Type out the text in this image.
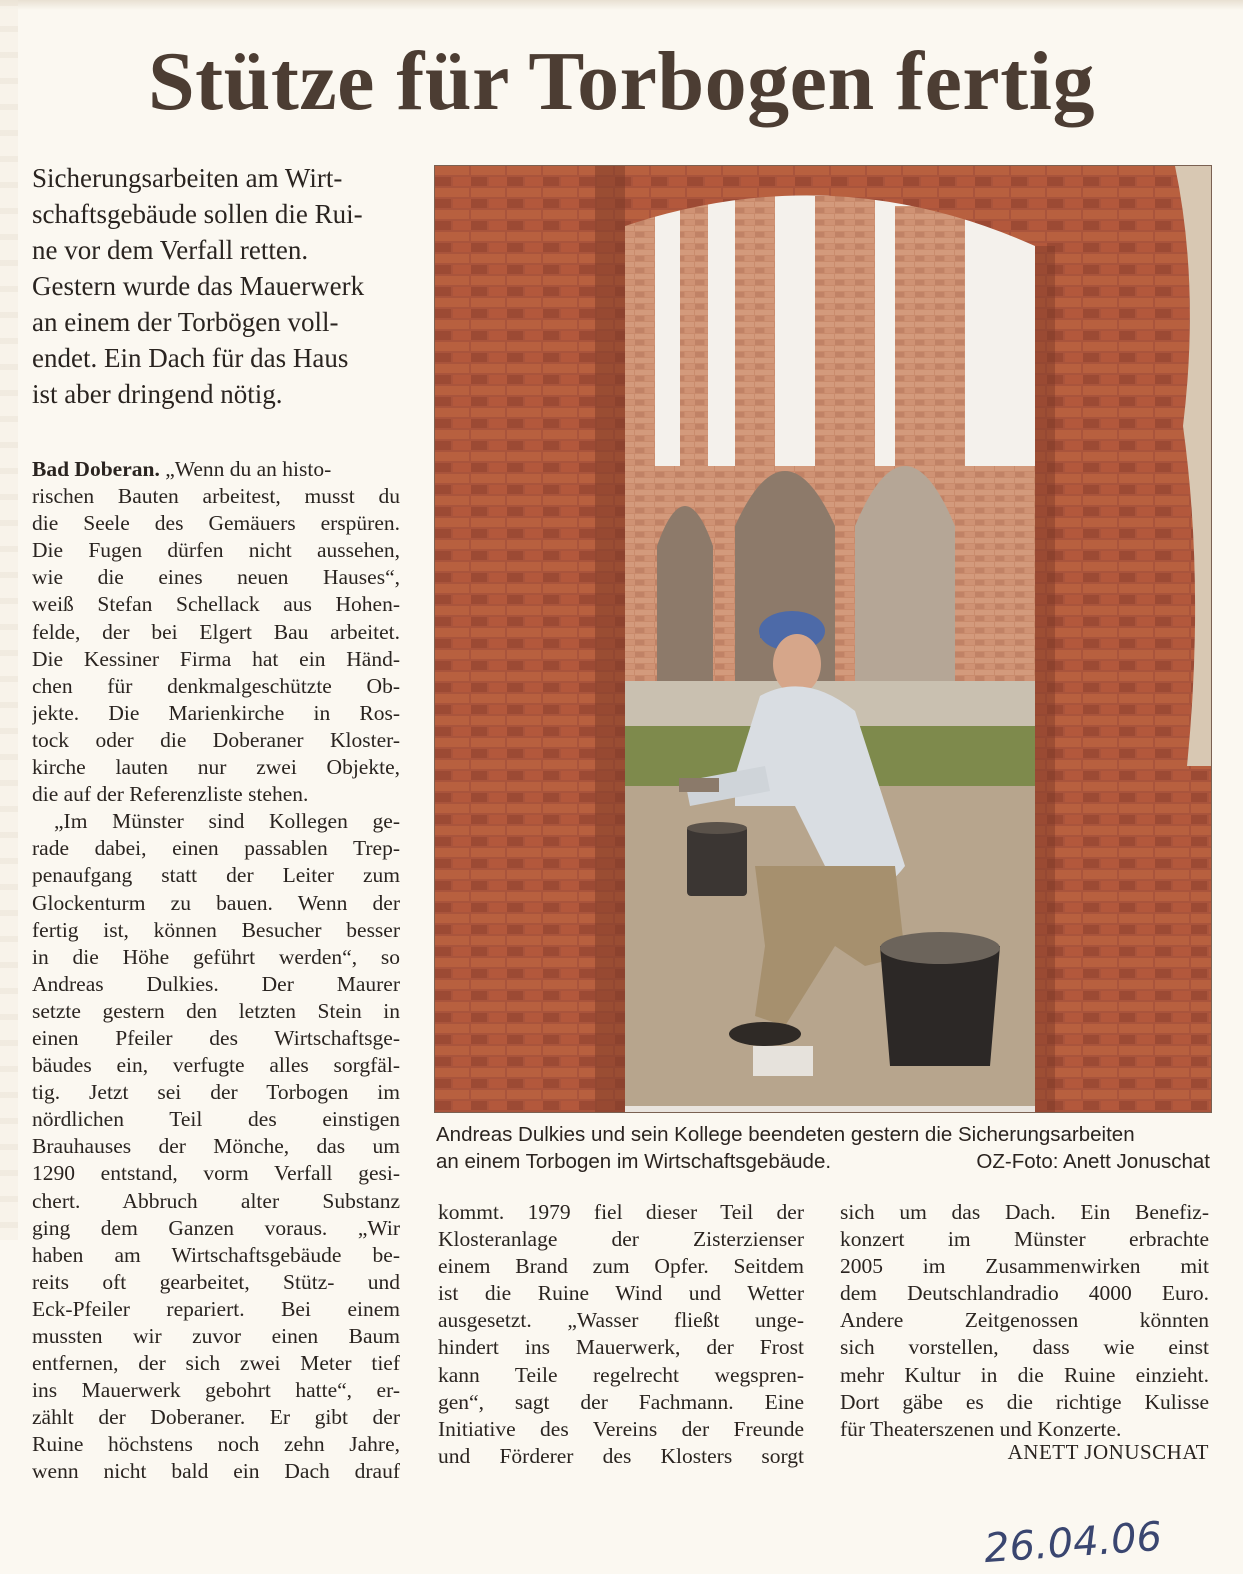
Stütze für Torbogen fertig
Sicherungsarbeiten am Wirt-
schaftsgebäude sollen die Rui-
ne vor dem Verfall retten.
Gestern wurde das Mauerwerk
an einem der Torbögen voll-
endet. Ein Dach für das Haus
ist aber dringend nötig.
Bad Doberan. „Wenn du an histo-
rischen Bauten arbeitest, musst du
die Seele des Gemäuers erspüren.
Die Fugen dürfen nicht aussehen,
wie die eines neuen Hauses“,
weiß Stefan Schellack aus Hohen-
felde, der bei Elgert Bau arbeitet.
Die Kessiner Firma hat ein Händ-
chen für denkmalgeschützte Ob-
jekte. Die Marienkirche in Ros-
tock oder die Doberaner Kloster-
kirche lauten nur zwei Objekte,
die auf der Referenzliste stehen.
„Im Münster sind Kollegen ge-
rade dabei, einen passablen Trep-
penaufgang statt der Leiter zum
Glockenturm zu bauen. Wenn der
fertig ist, können Besucher besser
in die Höhe geführt werden“, so
Andreas Dulkies. Der Maurer
setzte gestern den letzten Stein in
einen Pfeiler des Wirtschaftsge-
bäudes ein, verfugte alles sorgfäl-
tig. Jetzt sei der Torbogen im
nördlichen Teil des einstigen
Brauhauses der Mönche, das um
1290 entstand, vorm Verfall gesi-
chert. Abbruch alter Substanz
ging dem Ganzen voraus. „Wir
haben am Wirtschaftsgebäude be-
reits oft gearbeitet, Stütz- und
Eck-Pfeiler repariert. Bei einem
mussten wir zuvor einen Baum
entfernen, der sich zwei Meter tief
ins Mauerwerk gebohrt hatte“, er-
zählt der Doberaner. Er gibt der
Ruine höchstens noch zehn Jahre,
wenn nicht bald ein Dach drauf
kommt. 1979 fiel dieser Teil der
Klosteranlage der Zisterzienser
einem Brand zum Opfer. Seitdem
ist die Ruine Wind und Wetter
ausgesetzt. „Wasser fließt unge-
hindert ins Mauerwerk, der Frost
kann Teile regelrecht wegspren-
gen“, sagt der Fachmann. Eine
Initiative des Vereins der Freunde
und Förderer des Klosters sorgt
sich um das Dach. Ein Benefiz-
konzert im Münster erbrachte
2005 im Zusammenwirken mit
dem Deutschlandradio 4000 Euro.
Andere Zeitgenossen könnten
sich vorstellen, dass wie einst
mehr Kultur in die Ruine einzieht.
Dort gäbe es die richtige Kulisse
für Theaterszenen und Konzerte.
Andreas Dulkies und sein Kollege beendeten gestern die Sicherungsarbeiten
an einem Torbogen im Wirtschaftsgebäude.	OZ-Foto: Anett Jonuschat
ANETT JONUSCHAT
26.04.06
